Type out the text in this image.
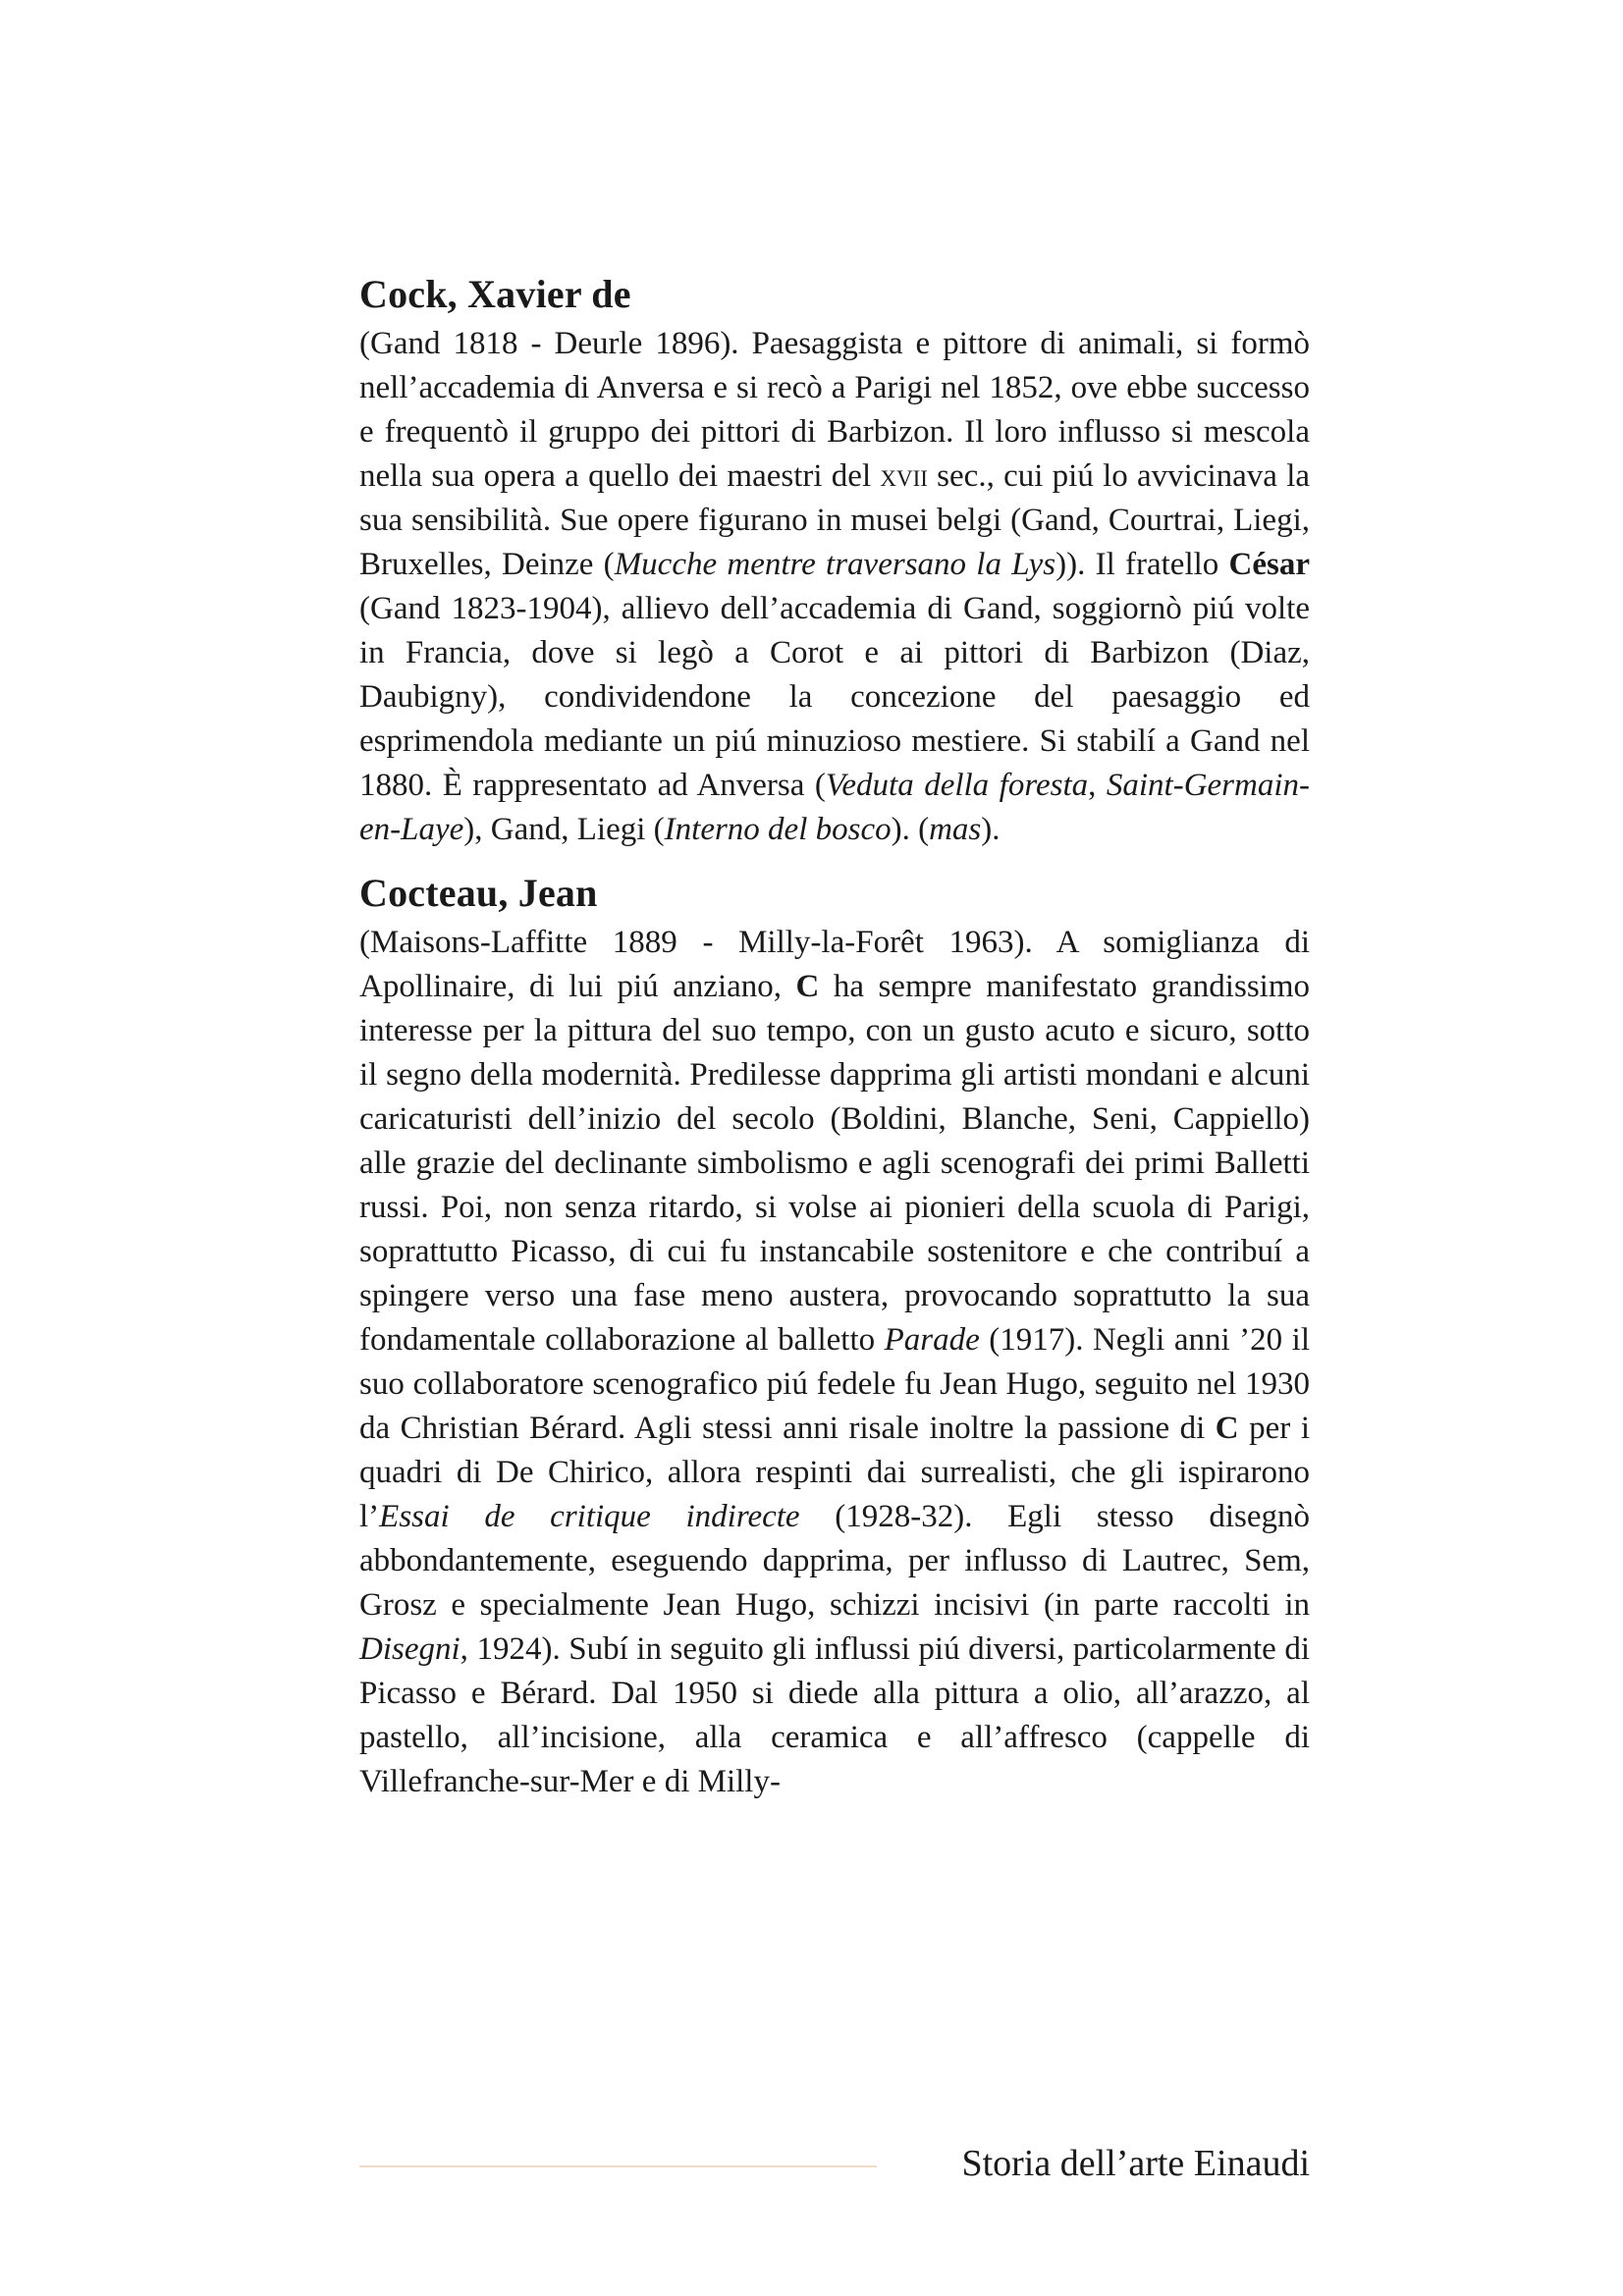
Cock, Xavier de
(Gand 1818 - Deurle 1896). Paesaggista e pittore di animali, si formò nell’accademia di Anversa e si recò a Parigi nel 1852, ove ebbe successo e frequentò il gruppo dei pittori di Barbizon. Il loro influsso si mescola nella sua opera a quello dei maestri del xvii sec., cui piú lo avvicinava la sua sensibilità. Sue opere figurano in musei belgi (Gand, Courtrai, Liegi, Bruxelles, Deinze (Mucche mentre traversano la Lys)). Il fratello César (Gand 1823-1904), allievo dell’accademia di Gand, soggiornò piú volte in Francia, dove si legò a Corot e ai pittori di Barbizon (Diaz, Daubigny), condividendone la concezione del paesaggio ed esprimendola mediante un piú minuzioso mestiere. Si stabilí a Gand nel 1880. È rappresentato ad Anversa (Veduta della foresta, Saint-Germain-en-Laye), Gand, Liegi (Interno del bosco). (mas).
Cocteau, Jean
(Maisons-Laffitte 1889 - Milly-la-Forêt 1963). A somiglianza di Apollinaire, di lui piú anziano, C ha sempre manifestato grandissimo interesse per la pittura del suo tempo, con un gusto acuto e sicuro, sotto il segno della modernità. Predilesse dapprima gli artisti mondani e alcuni caricaturisti dell’inizio del secolo (Boldini, Blanche, Seni, Cappiello) alle grazie del declinante simbolismo e agli scenografi dei primi Balletti russi. Poi, non senza ritardo, si volse ai pionieri della scuola di Parigi, soprattutto Picasso, di cui fu instancabile sostenitore e che contribuí a spingere verso una fase meno austera, provocando soprattutto la sua fondamentale collaborazione al balletto Parade (1917). Negli anni ’20 il suo collaboratore scenografico piú fedele fu Jean Hugo, seguito nel 1930 da Christian Bérard. Agli stessi anni risale inoltre la passione di C per i quadri di De Chirico, allora respinti dai surrealisti, che gli ispirarono l’Essai de critique indirecte (1928-32). Egli stesso disegnò abbondantemente, eseguendo dapprima, per influsso di Lautrec, Sem, Grosz e specialmente Jean Hugo, schizzi incisivi (in parte raccolti in Disegni, 1924). Subí in seguito gli influssi piú diversi, particolarmente di Picasso e Bérard. Dal 1950 si diede alla pittura a olio, all’arazzo, al pastello, all’incisione, alla ceramica e all’affresco (cappelle di Villefranche-sur-Mer e di Milly-
Storia dell’arte Einaudi
